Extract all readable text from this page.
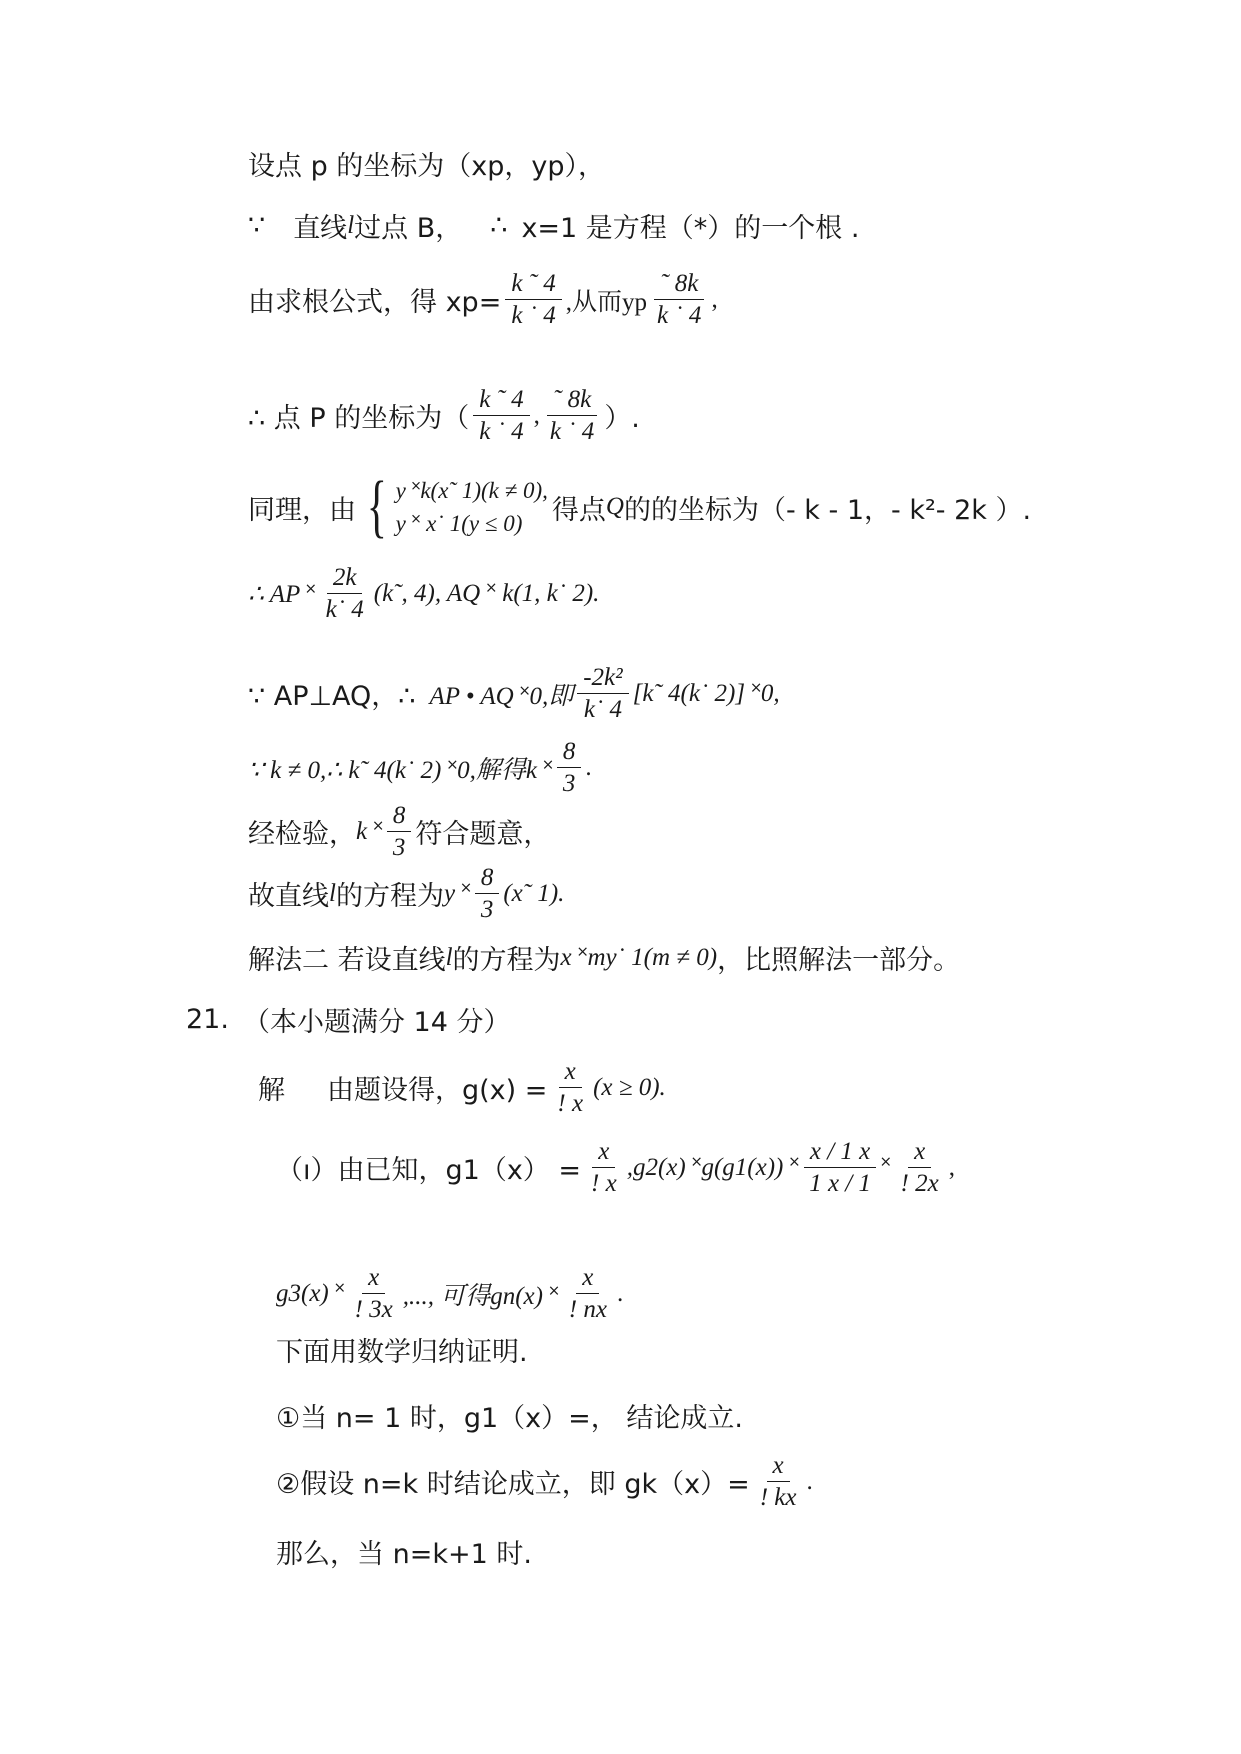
设点 p 的坐标为（xp，yp），
∵ 直线 l 过点 B， ∴ x=1 是方程（*）的一个根 .
由求根公式，得 $xp= \frac{k ˜ 4}{k ˙ 4}$ ,从而yp $\frac{˜ 8k}{k ˙ 4}$ ,
∴ 点 P 的坐标为（ $\frac{k ˜ 4}{k ˙ 4}$ , $\frac{˜ 8k}{k ˙ 4}$ ）.
同理，由 { y ˟k(x˜ 1)(k ≠ 0),
y ˟ x˙ 1(y ≤ 0)	得点 Q 的的坐标为（- k - 1，- k²- 2k ）.
∴ AP ˟ $\frac{2k}{k˙ 4}$ (k˜, 4), AQ ˟ k(1, k˙ 2).
∵ AP⊥AQ，∴ AP • AQ ˟0,即 $\frac{\text{-2k²}}{k˙ 4}$ [k˜ 4(k˙ 2)] ˟0,
∵ k ≠ 0,∴ k˜ 4(k˙ 2) ˟0,解得k ˟ $\frac{8}{3}$ .
经检验， k ˟ $\frac{8}{3}$ 符合题意，
故直线 l 的方程为 y ˟ $\frac{8}{3}$ (x˜ 1).
解法二 若设直线 l 的方程为 x ˟my˙ 1(m ≠ 0) ，比照解法一部分。
21. （本小题满分 14 分）
解 由题设得，$g(x) = \frac{x}{! x} (x \ge 0)$.
（ı）由已知，$g1(x) = \frac{x}{! x} ,g2(x)$ ˟g(g1(x)) ˟ $\frac{x / 1 x}{1 x / 1}$ ˟ $\frac{x}{! 2x}$ ,
g3(x) ˟ $\frac{x}{! 3x}$ ,..., 可得gn(x) ˟ $\frac{x}{! nx}$ .
下面用数学归纳证明.
①当 n= 1 时，g1（x）=， 结论成立.
②假设 n=k 时结论成立，即 $gk(x)= \frac{x}{! kx}$ .
那么，当 n=k+1 时.
